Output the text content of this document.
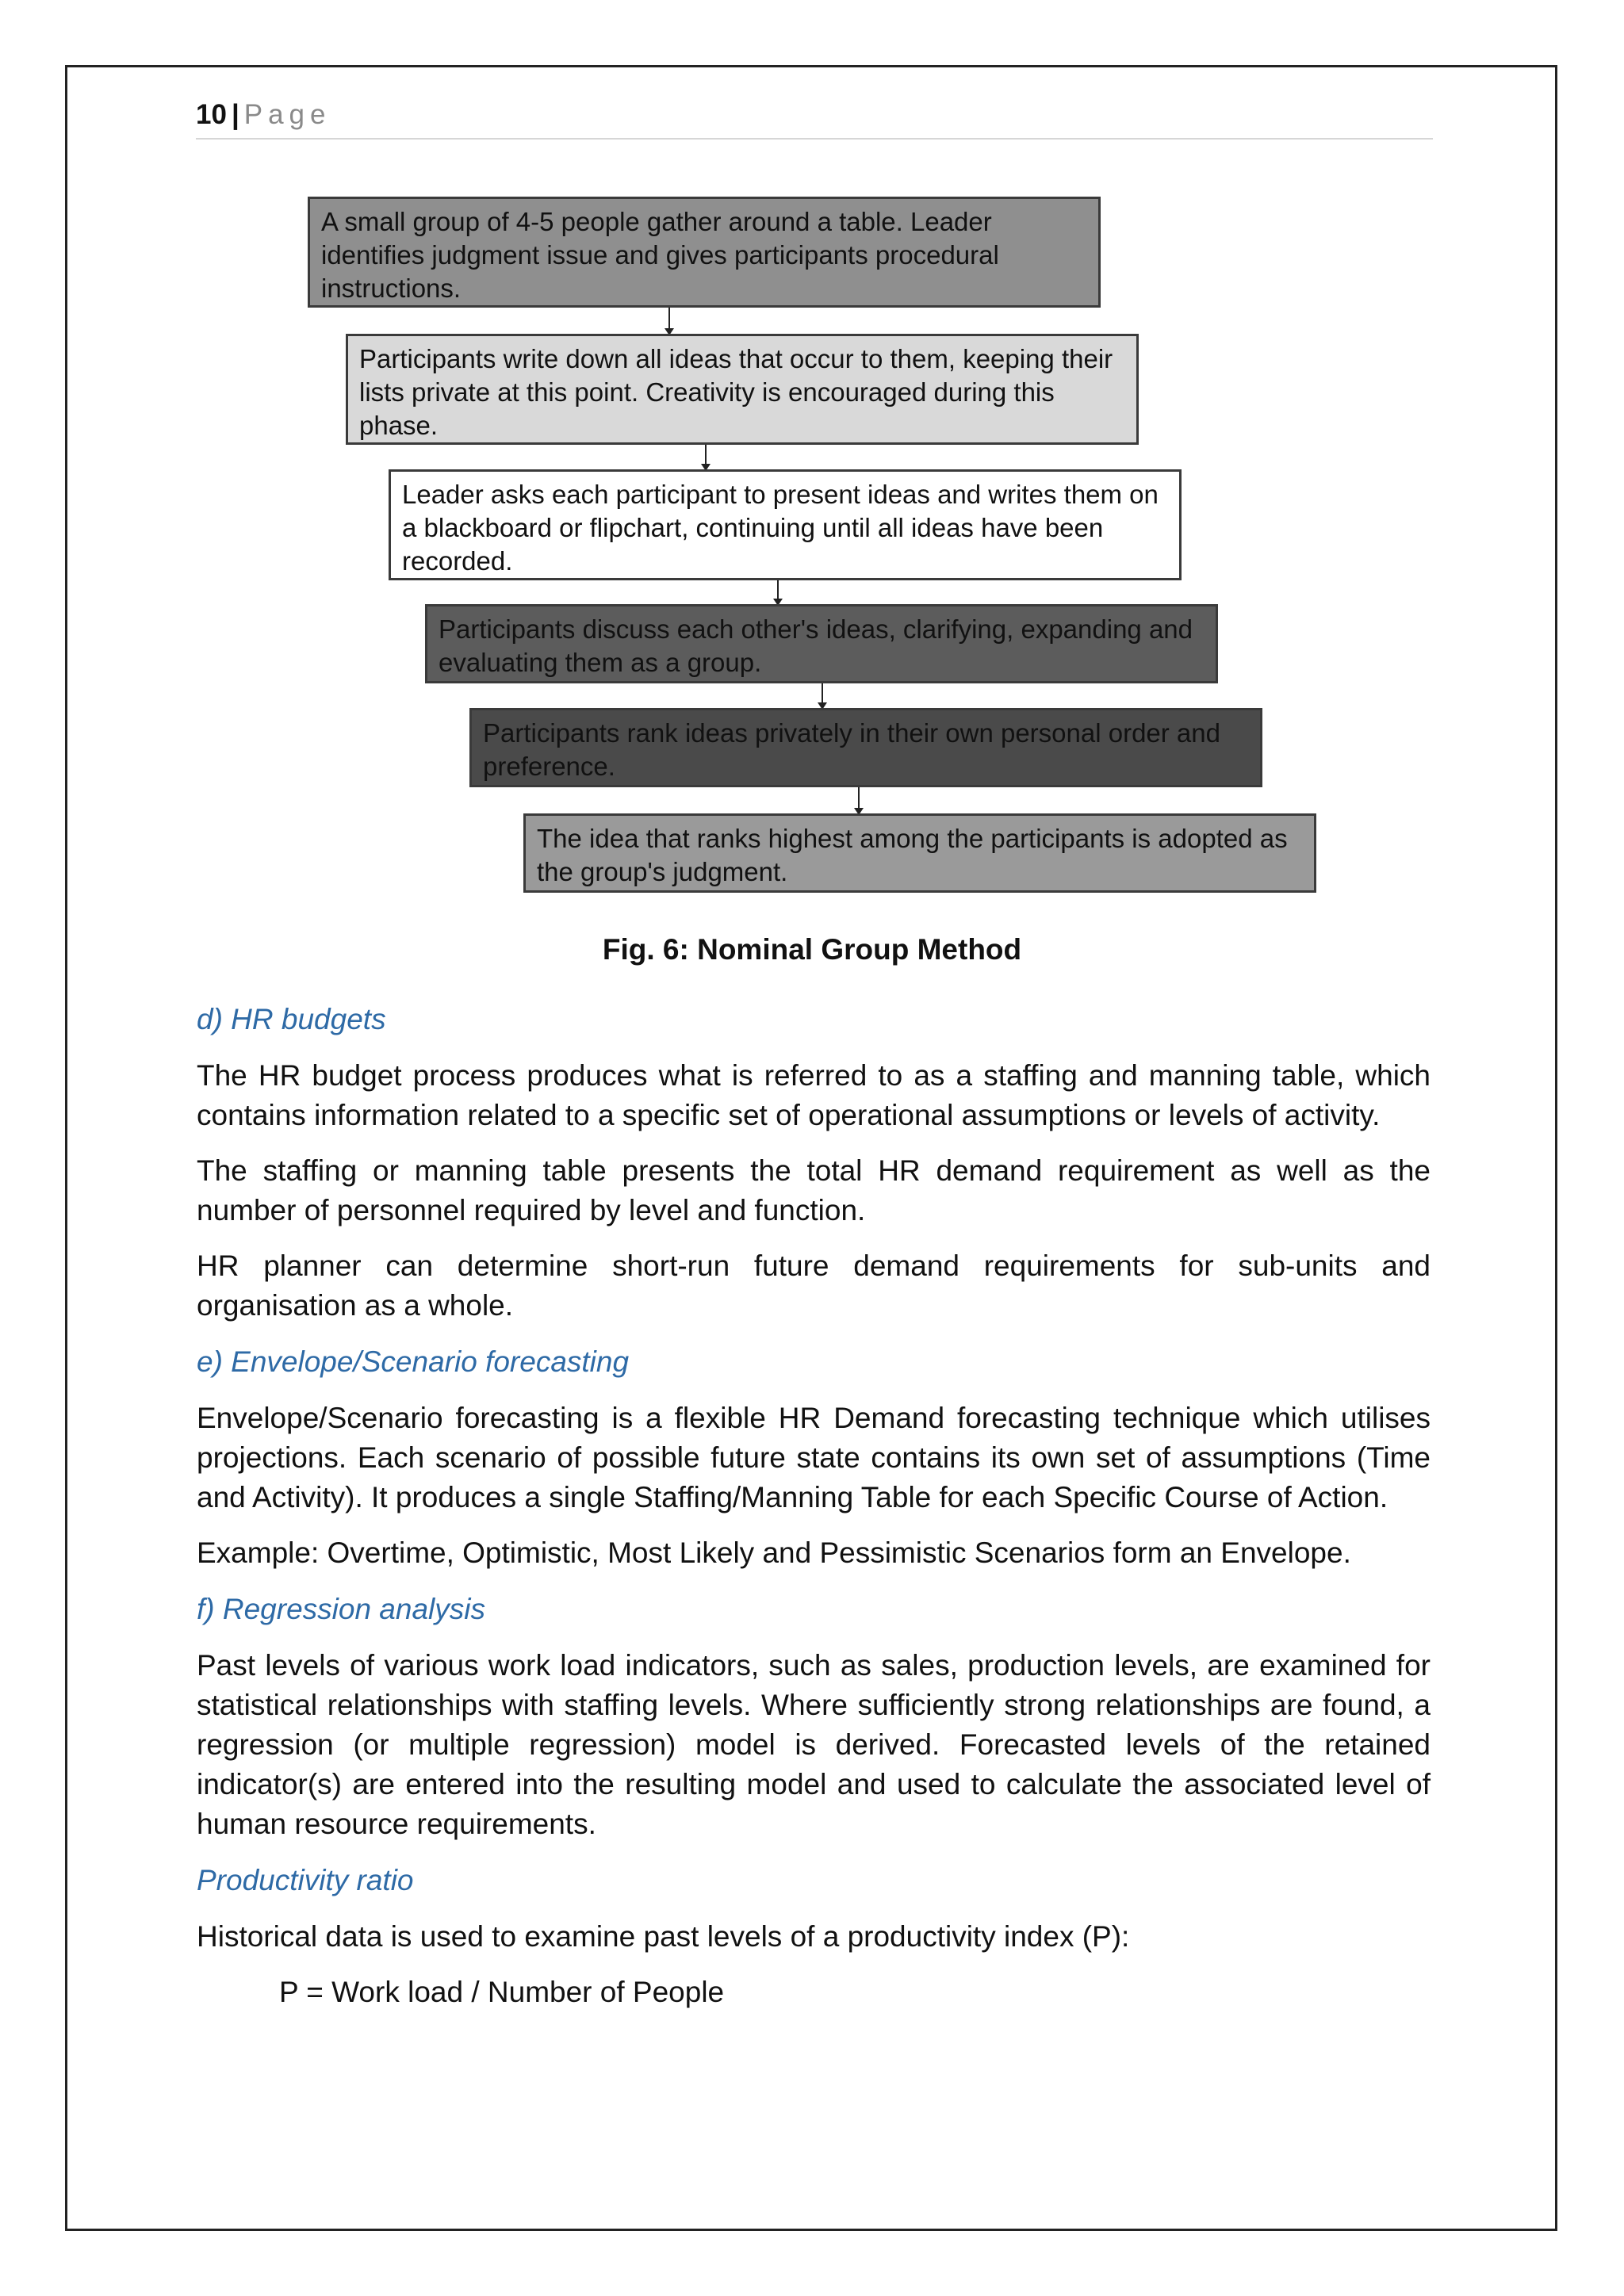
10 | Page
A small group of 4-5 people gather around a table. Leader identifies judgment issue and gives participants procedural instructions.
Participants write down all ideas that occur to them, keeping their lists private at this point. Creativity is encouraged during this phase.
Leader asks each participant to present ideas and writes them on a blackboard or flipchart, continuing until all ideas have been recorded.
Participants discuss each other's ideas, clarifying, expanding and evaluating them as a group.
Participants rank ideas privately in their own personal order and preference.
The idea that ranks highest among the participants is adopted as the group's judgment.
Fig. 6: Nominal Group Method
d) HR budgets
The HR budget process produces what is referred to as a staffing and manning table, which contains information related to a specific set of operational assumptions or levels of activity.
The staffing or manning table presents the total HR demand requirement as well as the number of personnel required by level and function.
HR planner can determine short-run future demand requirements for sub-units and organisation as a whole.
e) Envelope/Scenario forecasting
Envelope/Scenario forecasting is a flexible HR Demand forecasting technique which utilises projections. Each scenario of possible future state contains its own set of assumptions (Time and Activity). It produces a single Staffing/Manning Table for each Specific Course of Action.
Example: Overtime, Optimistic, Most Likely and Pessimistic Scenarios form an Envelope.
f) Regression analysis
Past levels of various work load indicators, such as sales, production levels, are examined for statistical relationships with staffing levels. Where sufficiently strong relationships are found, a regression (or multiple regression) model is derived. Forecasted levels of the retained indicator(s) are entered into the resulting model and used to calculate the associated level of human resource requirements.
Productivity ratio
Historical data is used to examine past levels of a productivity index (P):
P = Work load / Number of People
